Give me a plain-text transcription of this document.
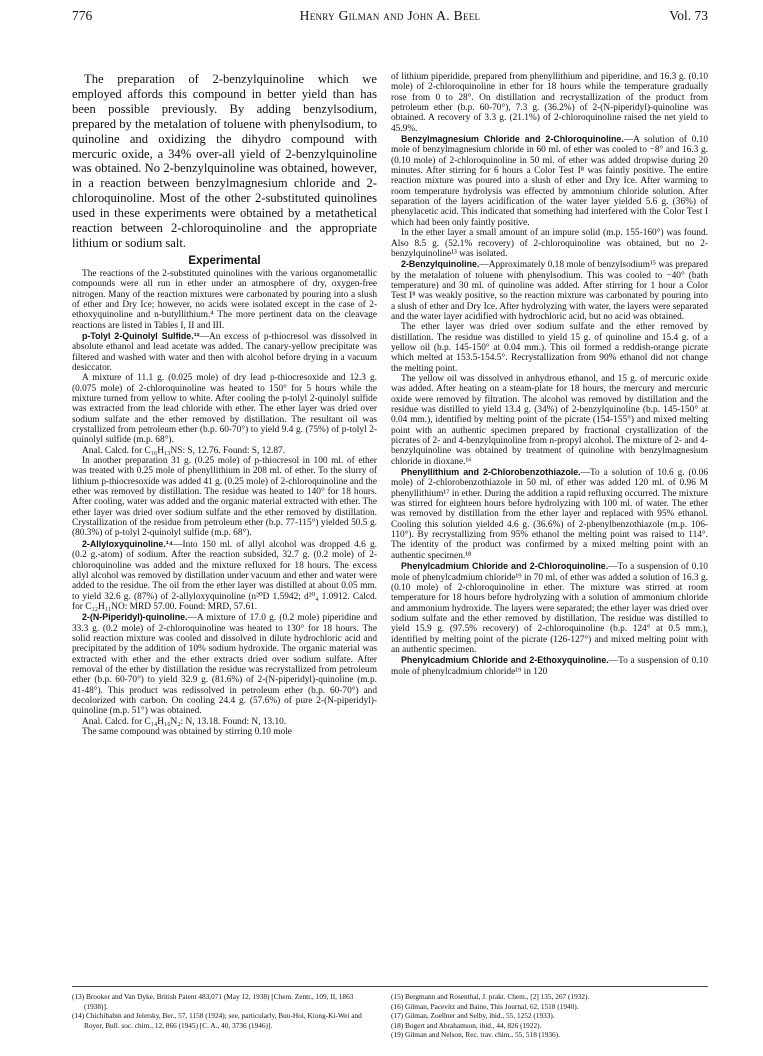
776	Henry Gilman and John A. Beel	Vol. 73

The preparation of 2-benzylquinoline which we employed affords this compound in better yield than has been possible previously. By adding benzylsodium, prepared by the metalation of toluene with phenylsodium, to quinoline and oxidizing the dihydro compound with mercuric oxide, a 34% over-all yield of 2-benzylquinoline was obtained. No 2-benzylquinoline was obtained, however, in a reaction between benzylmagnesium chloride and 2-chloroquinoline. Most of the other 2-substituted quinolines used in these experiments were obtained by a metathetical reaction between 2-chloroquinoline and the appropriate lithium or sodium salt.

Experimental

The reactions of the 2-substituted quinolines with the various organometallic compounds were all run in ether under an atmosphere of dry, oxygen-free nitrogen. Many of the reaction mixtures were carbonated by pouring into a slush of ether and Dry Ice; however, no acids were isolated except in the case of 2-ethoxyquinoline and n-butyllithium.⁴ The more pertinent data on the cleavage reactions are listed in Tables I, II and III.

p-Tolyl 2-Quinolyl Sulfide.¹²—An excess of p-thiocresol was dissolved in absolute ethanol and lead acetate was added. The canary-yellow precipitate was filtered and washed with water and then with alcohol before drying in a vacuum desiccator.

A mixture of 11.1 g. (0.025 mole) of dry lead p-thiocresoxide and 12.3 g. (0.075 mole) of 2-chloroquinoline was heated to 150° for 5 hours while the mixture turned from yellow to white. After cooling the p-tolyl 2-quinolyl sulfide was extracted from the lead chloride with ether. The ether layer was dried over sodium sulfate and the ether removed by distillation. The resultant oil was crystallized from petroleum ether (b.p. 60-70°) to yield 9.4 g. (75%) of p-tolyl 2-quinolyl sulfide (m.p. 68°).

Anal. Calcd. for C₁₆H₁₃NS: S, 12.76. Found: S, 12.87.

In another preparation 31 g. (0.25 mole) of p-thiocresol in 100 ml. of ether was treated with 0.25 mole of phenyllithium in 208 ml. of ether. To the slurry of lithium p-thiocresoxide was added 41 g. (0.25 mole) of 2-chloroquinoline and the ether was removed by distillation. The residue was heated to 140° for 18 hours. After cooling, water was added and the organic material extracted with ether. The ether layer was dried over sodium sulfate and the ether removed by distillation. Crystallization of the residue from petroleum ether (b.p. 77-115°) yielded 50.5 g. (80.3%) of p-tolyl 2-quinolyl sulfide (m.p. 68°).

2-Allyloxyquinoline.¹⁴—Into 150 ml. of allyl alcohol was dropped 4.6 g. (0.2 g.-atom) of sodium. After the reaction subsided, 32.7 g. (0.2 mole) of 2-chloroquinoline was added and the mixture refluxed for 18 hours. The excess allyl alcohol was removed by distillation under vacuum and ether and water were added to the residue. The oil from the ether layer was distilled at about 0.05 mm. to yield 32.6 g. (87%) of 2-allyloxyquinoline (n²⁰D 1.5942; d²⁰₄ 1.0912. Calcd. for C₁₂H₁₁NO: MRD 57.00. Found: MRD, 57.61.

2-(N-Piperidyl)-quinoline.—A mixture of 17.0 g. (0.2 mole) piperidine and 33.3 g. (0.2 mole) of 2-chloroquinoline was heated to 130° for 18 hours. The solid reaction mixture was cooled and dissolved in dilute hydrochloric acid and precipitated by the addition of 10% sodium hydroxide. The organic material was extracted with ether and the ether extracts dried over sodium sulfate. After removal of the ether by distillation the residue was recrystallized from petroleum ether (b.p. 60-70°) to yield 32.9 g. (81.6%) of 2-(N-piperidyl)-quinoline (m.p. 41-48°). This product was redissolved in petroleum ether (b.p. 60-70°) and decolorized with carbon. On cooling 24.4 g. (57.6%) of pure 2-(N-piperidyl)-quinoline (m.p. 51°) was obtained.

Anal. Calcd. for C₁₄H₁₆N₂: N, 13.18. Found: N, 13.10.

The same compound was obtained by stirring 0.10 mole

of lithium piperidide, prepared from phenyllithium and piperidine, and 16.3 g. (0.10 mole) of 2-chloroquinoline in ether for 18 hours while the temperature gradually rose from 0 to 28°. On distillation and recrystallization of the product from petroleum ether (b.p. 60-70°), 7.3 g. (36.2%) of 2-(N-piperidyl)-quinoline was obtained. A recovery of 3.3 g. (21.1%) of 2-chloroquinoline raised the net yield to 45.9%.

Benzylmagnesium Chloride and 2-Chloroquinoline.—A solution of 0.10 mole of benzylmagnesium chloride in 60 ml. of ether was cooled to −8° and 16.3 g. (0.10 mole) of 2-chloroquinoline in 50 ml. of ether was added dropwise during 20 minutes. After stirring for 6 hours a Color Test I⁸ was faintly positive. The entire reaction mixture was poured into a slush of ether and Dry Ice. After warming to room temperature hydrolysis was effected by ammonium chloride solution. After separation of the layers acidification of the water layer yielded 5.6 g. (36%) of phenylacetic acid. This indicated that something had interfered with the Color Test I which had been only faintly positive.

In the ether layer a small amount of an impure solid (m.p. 155-160°) was found. Also 8.5 g. (52.1% recovery) of 2-chloroquinoline was obtained, but no 2-benzylquinoline¹³ was isolated.

2-Benzylquinoline.—Approximately 0.18 mole of benzylsodium¹⁵ was prepared by the metalation of toluene with phenylsodium. This was cooled to −40° (bath temperature) and 30 ml. of quinoline was added. After stirring for 1 hour a Color Test I⁸ was weakly positive, so the reaction mixture was carbonated by pouring into a slush of ether and Dry Ice. After hydrolyzing with water, the layers were separated and the water layer acidified with hydrochloric acid, but no acid was obtained.

The ether layer was dried over sodium sulfate and the ether removed by distillation. The residue was distilled to yield 15 g. of quinoline and 15.4 g. of a yellow oil (b.p. 145-150° at 0.04 mm.). This oil formed a reddish-orange picrate which melted at 153.5-154.5°. Recrystallization from 90% ethanol did not change the melting point.

The yellow oil was dissolved in anhydrous ethanol, and 15 g. of mercuric oxide was added. After heating on a steam-plate for 18 hours, the mercury and mercuric oxide were removed by filtration. The alcohol was removed by distillation and the residue was distilled to yield 13.4 g. (34%) of 2-benzylquinoline (b.p. 145-150° at 0.04 mm.), identified by melting point of the picrate (154-155°) and mixed melting point with an authentic specimen prepared by fractional crystallization of the picrates of 2- and 4-benzylquinoline from n-propyl alcohol. The mixture of 2- and 4-benzylquinoline was obtained by treatment of quinoline with benzylmagnesium chloride in dioxane.¹⁶

Phenyllithium and 2-Chlorobenzothiazole.—To a solution of 10.6 g. (0.06 mole) of 2-chlorobenzothiazole in 50 ml. of ether was added 120 ml. of 0.96 M phenyllithium¹⁷ in ether. During the addition a rapid refluxing occurred. The mixture was stirred for eighteen hours before hydrolyzing with 100 ml. of water. The ether was removed by distillation from the ether layer and replaced with 95% ethanol. Cooling this solution yielded 4.6 g. (36.6%) of 2-phenylbenzothiazole (m.p. 106-110°). By recrystallizing from 95% ethanol the melting point was raised to 114°. The identity of the product was confirmed by a mixed melting point with an authentic specimen.¹⁸

Phenylcadmium Chloride and 2-Chloroquinoline.—To a suspension of 0.10 mole of phenylcadmium chloride¹⁹ in 70 ml. of ether was added a solution of 16.3 g. (0.10 mole) of 2-chloroquinoline in ether. The mixture was stirred at room temperature for 18 hours before hydrolyzing with a solution of ammonium chloride and ammonium hydroxide. The layers were separated; the ether layer was dried over sodium sulfate and the ether removed by distillation. The residue was distilled to yield 15.9 g. (97.5% recovery) of 2-chloroquinoline (b.p. 124° at 0.5 mm.), identified by melting point of the picrate (126-127°) and mixed melting point with an authentic specimen.

Phenylcadmium Chloride and 2-Ethoxyquinoline.—To a suspension of 0.10 mole of phenylcadmium chloride¹⁹ in 120

(13) Brooker and Van Dyke, British Patent 483,071 (May 12, 1938) [Chem. Zentr., 109, II, 1863 (1938)].
(14) Chichibabin and Jeletsky, Ber., 57, 1158 (1924); see, particularly, Buu-Hoi, Kiong-Ki-Wei and Royer, Bull. soc. chim., 12, 866 (1945) [C. A., 40, 3736 (1946)].
(15) Bergmann and Rosenthal, J. prakt. Chem., [2] 135, 267 (1932).
(16) Gilman, Pacevitz and Baine, This Journal, 62, 1518 (1940).
(17) Gilman, Zoellner and Selby, ibid., 55, 1252 (1933).
(18) Bogert and Abrahamson, ibid., 44, 826 (1922).
(19) Gilman and Nelson, Rec. trav. chim., 55, 518 (1936).
